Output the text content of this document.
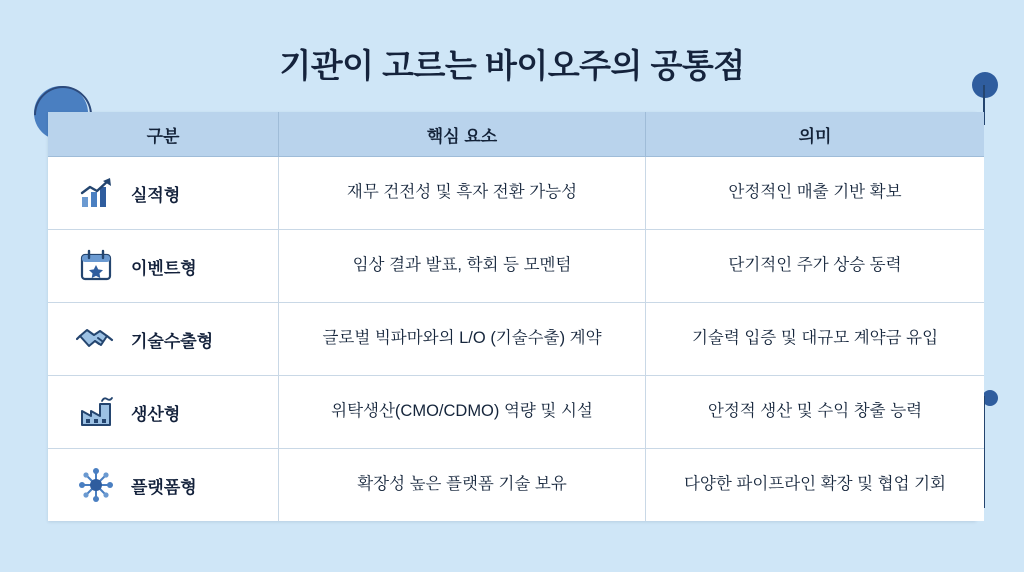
기관이 고르는 바이오주의 공통점
구분	핵심 요소	의미

실적형	재무 건전성 및 흑자 전환 가능성	안정적인 매출 기반 확보

이벤트형	임상 결과 발표, 학회 등 모멘텀	단기적인 주가 상승 동력

기술수출형	글로벌 빅파마와의 L/O (기술수출) 계약	기술력 입증 및 대규모 계약금 유입

생산형	위탁생산(CMO/CDMO) 역량 및 시설	안정적 생산 및 수익 창출 능력

플랫폼형	확장성 높은 플랫폼 기술 보유	다양한 파이프라인 확장 및 협업 기회
